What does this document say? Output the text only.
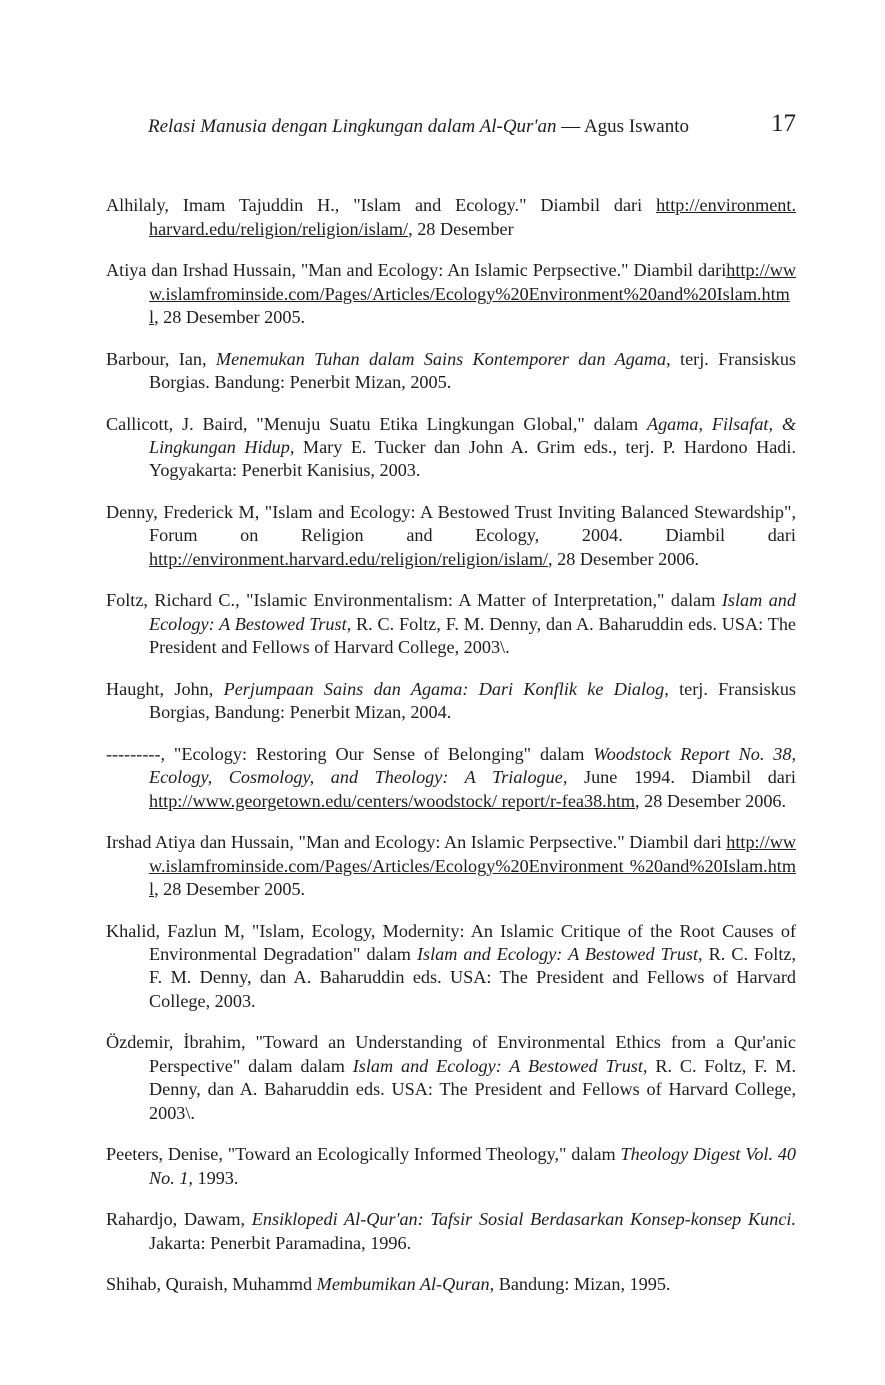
Relasi Manusia dengan Lingkungan dalam Al-Qur'an — Agus Iswanto	17

Alhilaly, Imam Tajuddin H., "Islam and Ecology." Diambil dari http://environment. harvard.edu/religion/religion/islam/, 28 Desember

Atiya dan Irshad Hussain, "Man and Ecology: An Islamic Perpsective." Diambil darihttp://www.islamfrominside.com/Pages/Articles/Ecology%20Environment%20and%20Islam.html, 28 Desember 2005.

Barbour, Ian, Menemukan Tuhan dalam Sains Kontemporer dan Agama, terj. Fransiskus Borgias. Bandung: Penerbit Mizan, 2005.

Callicott, J. Baird, "Menuju Suatu Etika Lingkungan Global," dalam Agama, Filsafat, & Lingkungan Hidup, Mary E. Tucker dan John A. Grim eds., terj. P. Hardono Hadi. Yogyakarta: Penerbit Kanisius, 2003.

Denny, Frederick M, "Islam and Ecology: A Bestowed Trust Inviting Balanced Stewardship", Forum on Religion and Ecology, 2004. Diambil dari http://environment.harvard.edu/religion/religion/islam/, 28 Desember 2006.

Foltz, Richard C., "Islamic Environmentalism: A Matter of Interpretation," dalam Islam and Ecology: A Bestowed Trust, R. C. Foltz, F. M. Denny, dan A. Baharuddin eds. USA: The President and Fellows of Harvard College, 2003\.

Haught, John, Perjumpaan Sains dan Agama: Dari Konflik ke Dialog, terj. Fransiskus Borgias, Bandung: Penerbit Mizan, 2004.

---------, "Ecology: Restoring Our Sense of Belonging" dalam Woodstock Report No. 38, Ecology, Cosmology, and Theology: A Trialogue, June 1994. Diambil dari http://www.georgetown.edu/centers/woodstock/ report/r-fea38.htm, 28 Desember 2006.

Irshad Atiya dan Hussain, "Man and Ecology: An Islamic Perpsective." Diambil dari http://www.islamfrominside.com/Pages/Articles/Ecology%20Environment %20and%20Islam.html, 28 Desember 2005.

Khalid, Fazlun M, "Islam, Ecology, Modernity: An Islamic Critique of the Root Causes of Environmental Degradation" dalam Islam and Ecology: A Bestowed Trust, R. C. Foltz, F. M. Denny, dan A. Baharuddin eds. USA: The President and Fellows of Harvard College, 2003.

Özdemir, İbrahim, "Toward an Understanding of Environmental Ethics from a Qur'anic Perspective" dalam dalam Islam and Ecology: A Bestowed Trust, R. C. Foltz, F. M. Denny, dan A. Baharuddin eds. USA: The President and Fellows of Harvard College, 2003\.

Peeters, Denise, "Toward an Ecologically Informed Theology," dalam Theology Digest Vol. 40 No. 1, 1993.

Rahardjo, Dawam, Ensiklopedi Al-Qur'an: Tafsir Sosial Berdasarkan Konsep-konsep Kunci. Jakarta: Penerbit Paramadina, 1996.

Shihab, Quraish, Muhammd Membumikan Al-Quran, Bandung: Mizan, 1995.
